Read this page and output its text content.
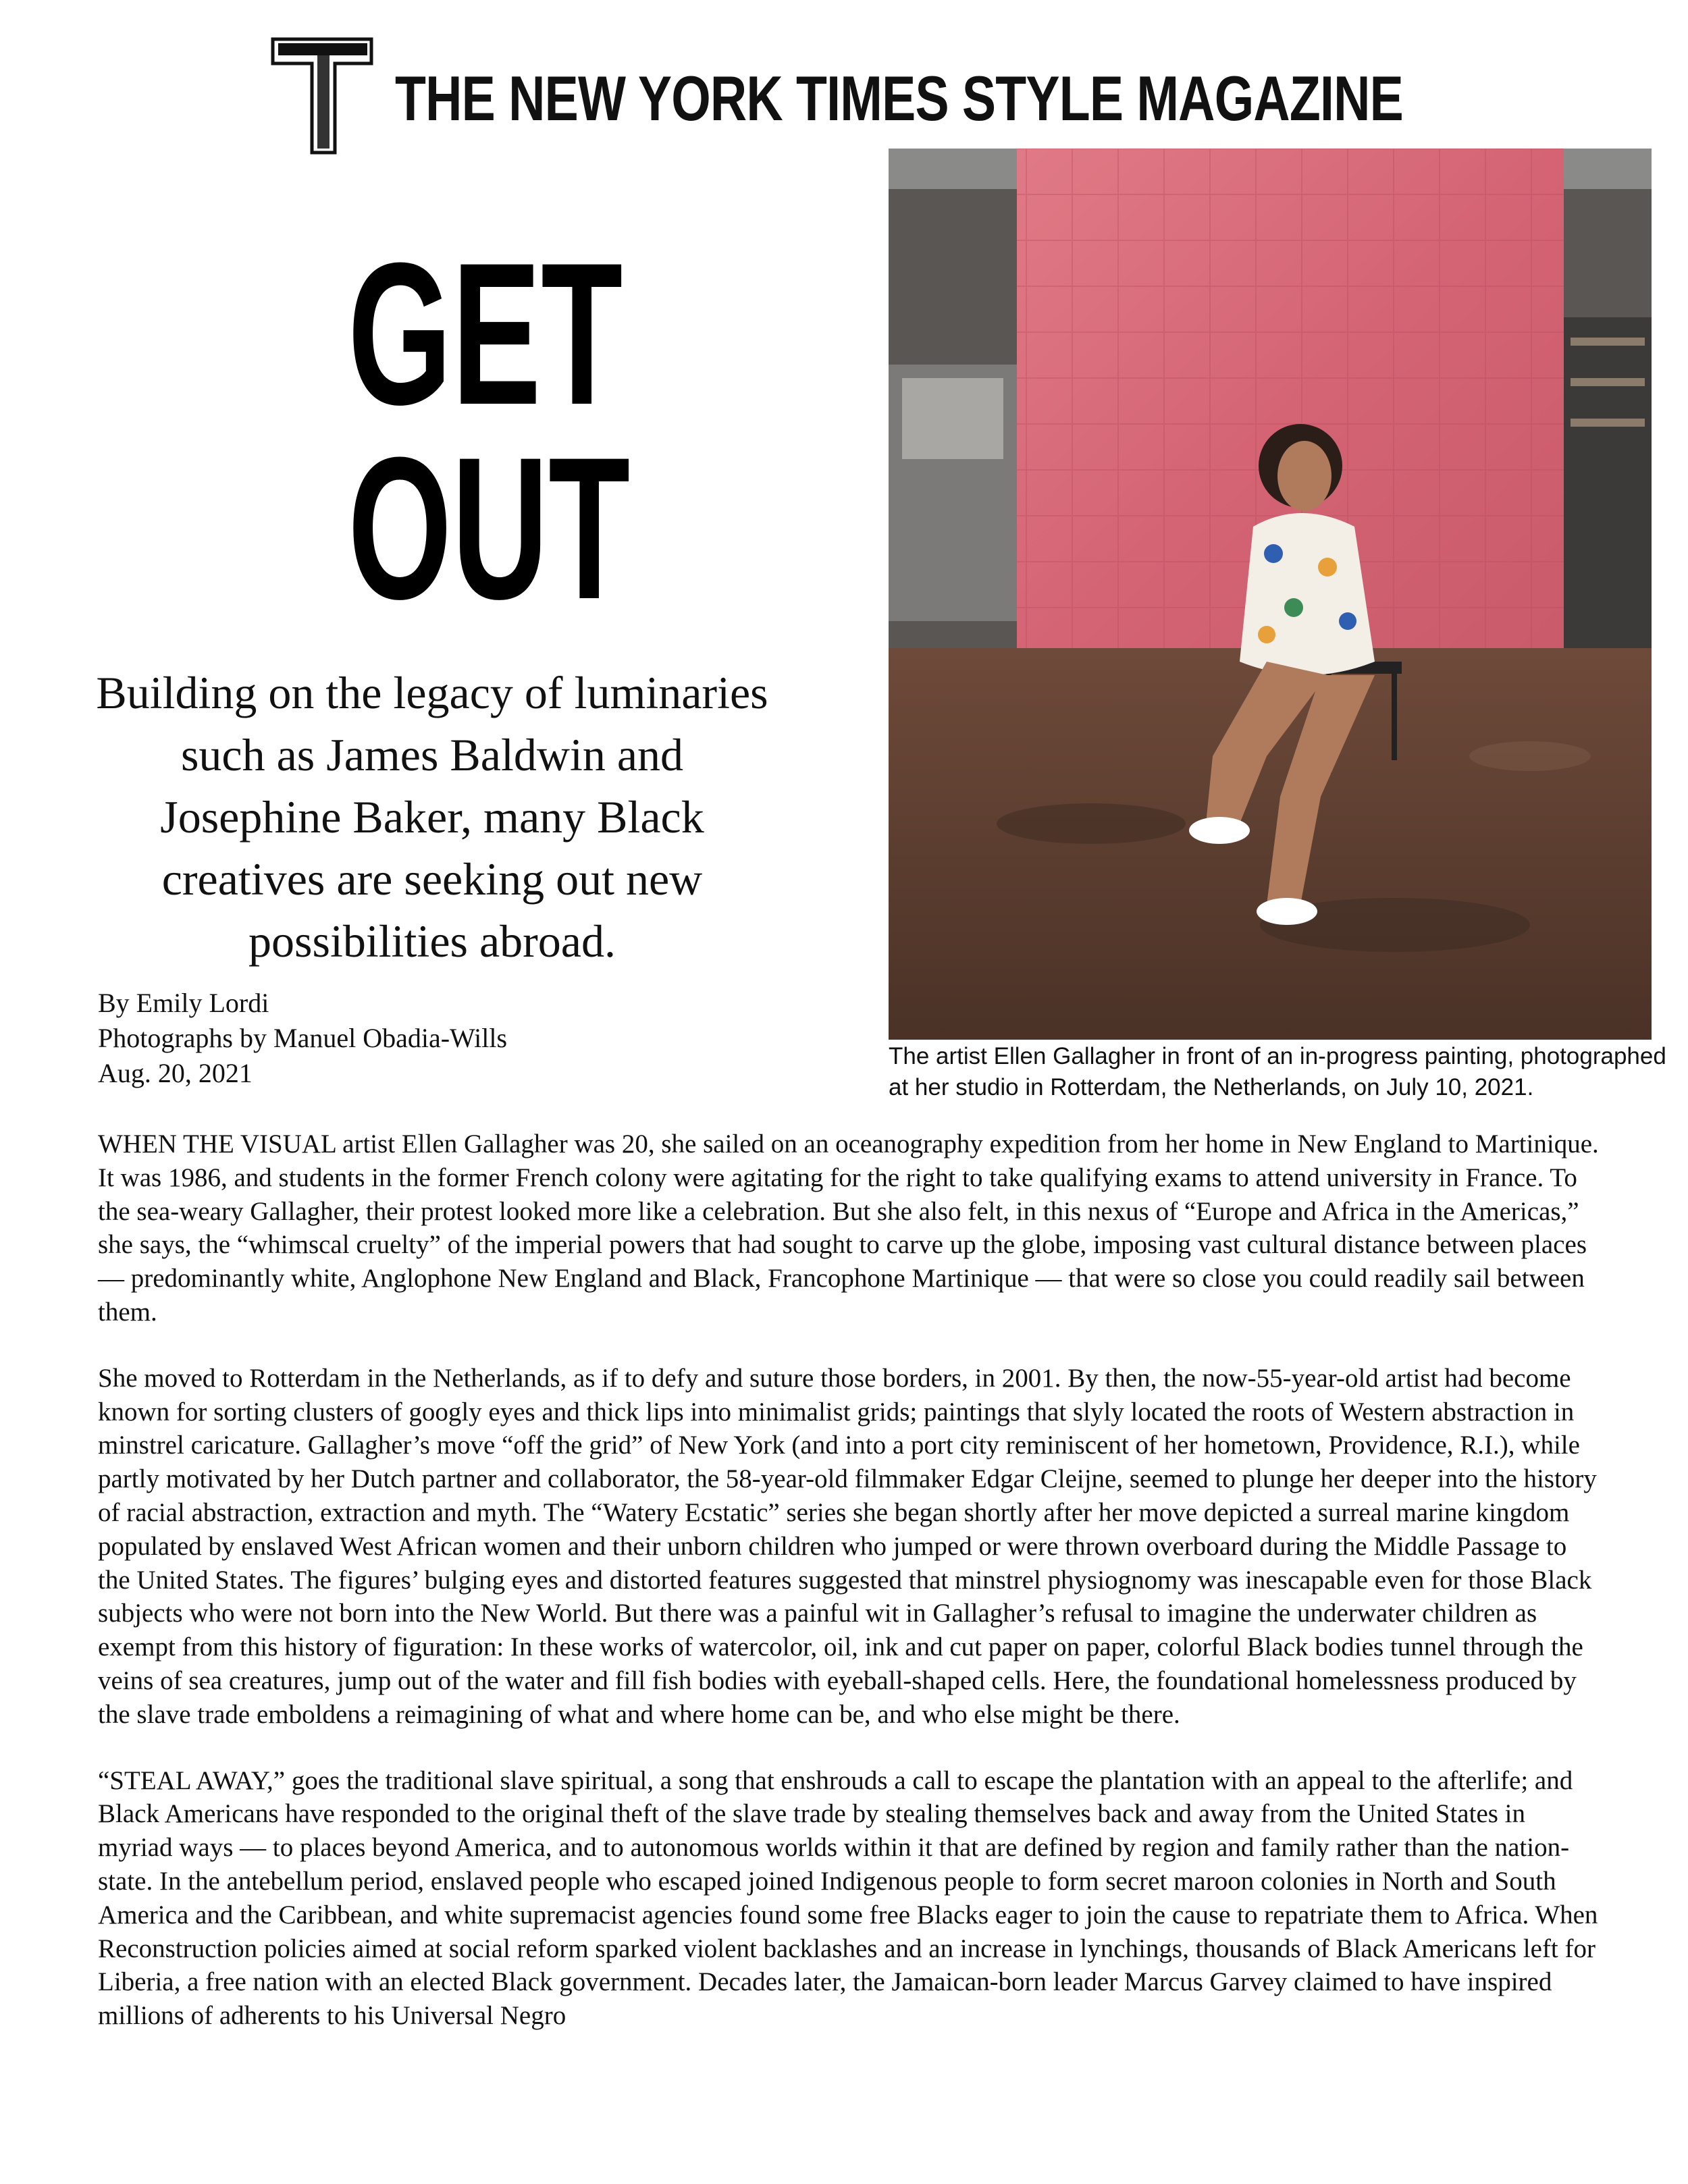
THE NEW YORK TIMES STYLE MAGAZINE
GET
OUT
Building on the legacy of luminaries such as James Baldwin and Josephine Baker, many Black creatives are seeking out new possibilities abroad.
By Emily Lordi
Photographs by Manuel Obadia-Wills
Aug. 20, 2021
The artist Ellen Gallagher in front of an in-progress painting, photographed at her studio in Rotterdam, the Netherlands, on July 10, 2021.

WHEN THE VISUAL artist Ellen Gallagher was 20, she sailed on an oceanography expedition from her home in New England to Martinique. It was 1986, and students in the former French colony were agitating for the right to take qualifying exams to attend university in France. To the sea-weary Gallagher, their protest looked more like a celebration. But she also felt, in this nexus of “Europe and Africa in the Americas,” she says, the “whimscal cruelty” of the imperial powers that had sought to carve up the globe, imposing vast cultural distance between places — predominantly white, Anglophone New England and Black, Francophone Martinique — that were so close you could readily sail between them.

She moved to Rotterdam in the Netherlands, as if to defy and suture those borders, in 2001. By then, the now-55-year-old artist had become known for sorting clusters of googly eyes and thick lips into minimalist grids; paintings that slyly located the roots of Western abstraction in minstrel caricature. Gallagher’s move “off the grid” of New York (and into a port city reminiscent of her hometown, Providence, R.I.), while partly motivated by her Dutch partner and collaborator, the 58-year-old filmmaker Edgar Cleijne, seemed to plunge her deeper into the history of racial abstraction, extraction and myth. The “Watery Ecstatic” series she began shortly after her move depicted a surreal marine kingdom populated by enslaved West African women and their unborn children who jumped or were thrown overboard during the Middle Passage to the United States. The figures’ bulging eyes and distorted features suggested that minstrel physiognomy was inescapable even for those Black subjects who were not born into the New World. But there was a painful wit in Gallagher’s refusal to imagine the underwater children as exempt from this history of figuration: In these works of watercolor, oil, ink and cut paper on paper, colorful Black bodies tunnel through the veins of sea creatures, jump out of the water and fill fish bodies with eyeball-shaped cells. Here, the foundational homelessness produced by the slave trade emboldens a reimagining of what and where home can be, and who else might be there.

“STEAL AWAY,” goes the traditional slave spiritual, a song that enshrouds a call to escape the plantation with an appeal to the afterlife; and Black Americans have responded to the original theft of the slave trade by stealing themselves back and away from the United States in myriad ways — to places beyond America, and to autonomous worlds within it that are defined by region and family rather than the nation-state. In the antebellum period, enslaved people who escaped joined Indigenous people to form secret maroon colonies in North and South America and the Caribbean, and white supremacist agencies found some free Blacks eager to join the cause to repatriate them to Africa. When Reconstruction policies aimed at social reform sparked violent backlashes and an increase in lynchings, thousands of Black Americans left for Liberia, a free nation with an elected Black government. Decades later, the Jamaican-born leader Marcus Garvey claimed to have inspired millions of adherents to his Universal Negro
